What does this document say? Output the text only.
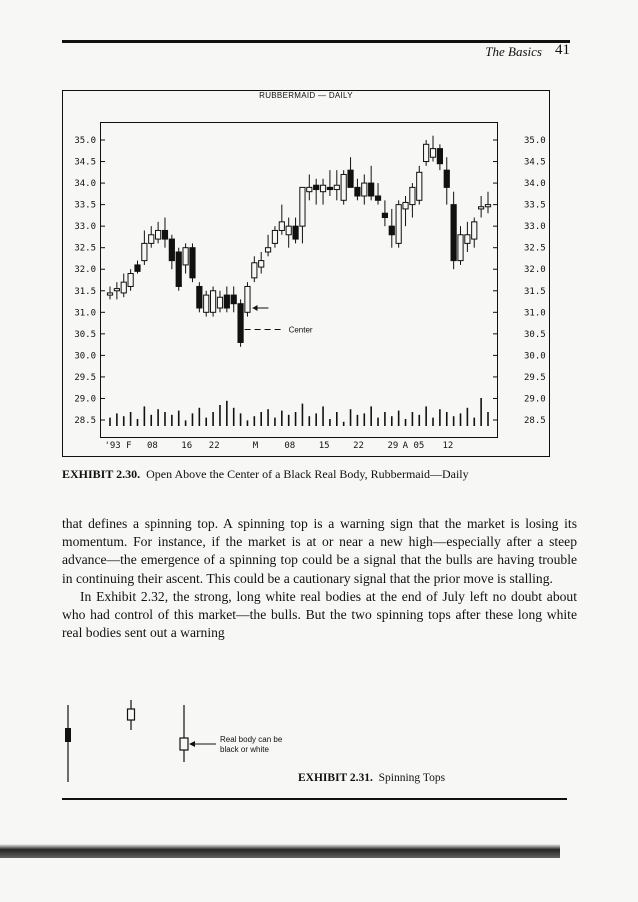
The Basics 41
RUBBERMAID — DAILY
35.0	35.0
34.5	34.5
34.0	34.0
33.5	33.5
33.0	33.0
32.5	32.5
32.0	32.0
31.5	31.5
31.0	31.0
30.5	30.5
30.0	30.0
29.5	29.5
29.0	29.0
28.5	28.5
'93 F 08	16 22	M	08	15	22	29 A 05 12
Center
Real body can be
black or white
EXHIBIT 2.30. Open Above the Center of a Black Real Body, Rubbermaid—Daily

that defines a spinning top. A spinning top is a warning sign that the market is losing its momentum. For instance, if the market is at or near a new high—especially after a steep advance—the emergence of a spinning top could be a signal that the bulls are having trouble in continuing their ascent. This could be a cautionary signal that the prior move is stalling.

In Exhibit 2.32, the strong, long white real bodies at the end of July left no doubt about who had control of this market—the bulls. But the two spinning tops after these long white real bodies sent out a warning

EXHIBIT 2.31. Spinning Tops
